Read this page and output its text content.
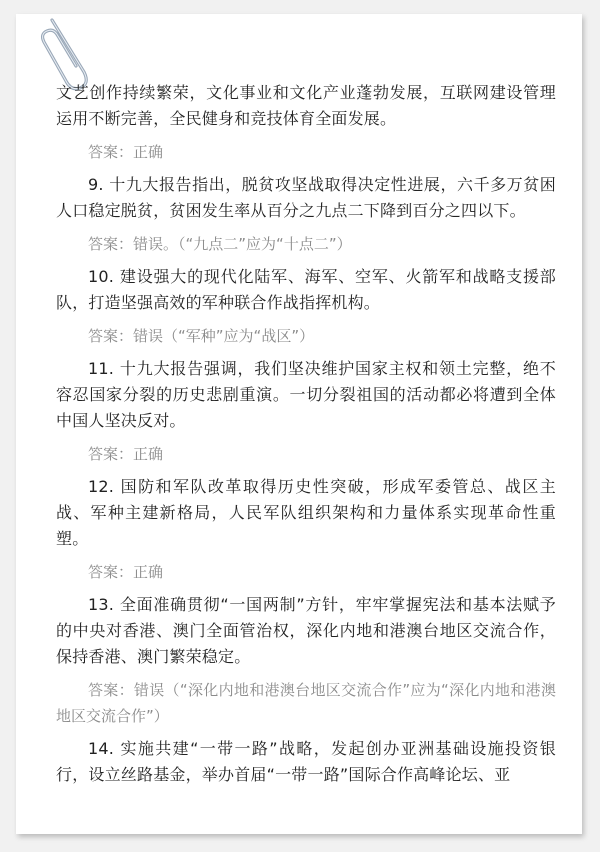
文艺创作持续繁荣，文化事业和文化产业蓬勃发展，互联网建设管理运用不断完善，全民健身和竞技体育全面发展。

答案：正确

9. 十九大报告指出，脱贫攻坚战取得决定性进展，六千多万贫困人口稳定脱贫，贫困发生率从百分之九点二下降到百分之四以下。

答案：错误。（“九点二”应为“十点二”）

10. 建设强大的现代化陆军、海军、空军、火箭军和战略支援部队，打造坚强高效的军种联合作战指挥机构。

答案：错误（“军种”应为“战区”）

11. 十九大报告强调，我们坚决维护国家主权和领土完整，绝不容忍国家分裂的历史悲剧重演。一切分裂祖国的活动都必将遭到全体中国人坚决反对。

答案：正确

12. 国防和军队改革取得历史性突破，形成军委管总、战区主战、军种主建新格局，人民军队组织架构和力量体系实现革命性重塑。

答案：正确

13. 全面准确贯彻“一国两制”方针，牢牢掌握宪法和基本法赋予的中央对香港、澳门全面管治权，深化内地和港澳台地区交流合作，保持香港、澳门繁荣稳定。

答案：错误（“深化内地和港澳台地区交流合作”应为“深化内地和港澳地区交流合作”）

14. 实施共建“一带一路”战略，发起创办亚洲基础设施投资银行，设立丝路基金，举办首届“一带一路”国际合作高峰论坛、亚
